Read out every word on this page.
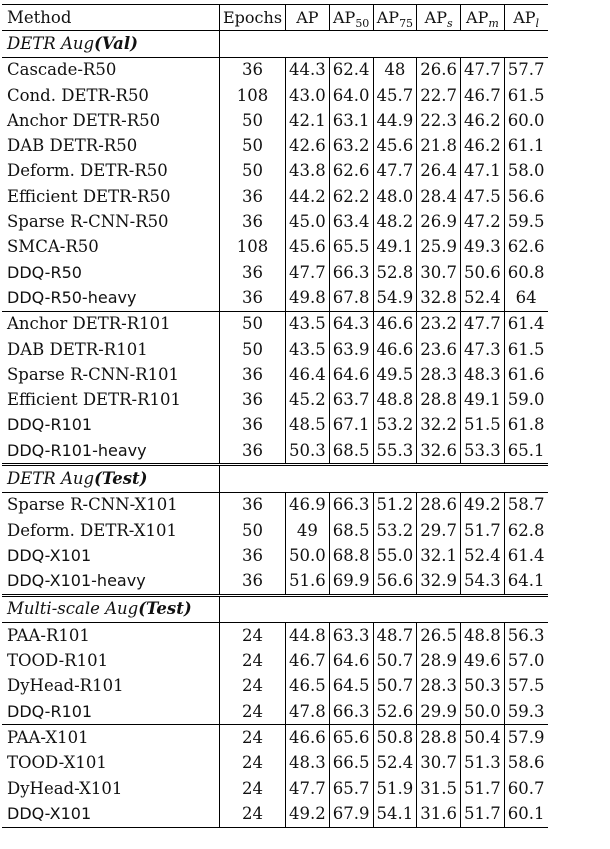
Method	Epochs	AP	$AP_{50}$	$AP_{75}$	$AP_s$	$AP_m$	$AP_l$
DETR Aug(Val)							
Cascade-R50	36	44.3	62.4	48	26.6	47.7	57.7
Cond. DETR-R50	108	43.0	64.0	45.7	22.7	46.7	61.5
Anchor DETR-R50	50	42.1	63.1	44.9	22.3	46.2	60.0
DAB DETR-R50	50	42.6	63.2	45.6	21.8	46.2	61.1
Deform. DETR-R50	50	43.8	62.6	47.7	26.4	47.1	58.0
Efficient DETR-R50	36	44.2	62.2	48.0	28.4	47.5	56.6
Sparse R-CNN-R50	36	45.0	63.4	48.2	26.9	47.2	59.5
SMCA-R50	108	45.6	65.5	49.1	25.9	49.3	62.6
DDQ-R50	36	47.7	66.3	52.8	30.7	50.6	60.8
DDQ-R50-heavy	36	49.8	67.8	54.9	32.8	52.4	64
Anchor DETR-R101	50	43.5	64.3	46.6	23.2	47.7	61.4
DAB DETR-R101	50	43.5	63.9	46.6	23.6	47.3	61.5
Sparse R-CNN-R101	36	46.4	64.6	49.5	28.3	48.3	61.6
Efficient DETR-R101	36	45.2	63.7	48.8	28.8	49.1	59.0
DDQ-R101	36	48.5	67.1	53.2	32.2	51.5	61.8
DDQ-R101-heavy	36	50.3	68.5	55.3	32.6	53.3	65.1
DETR Aug(Test)							
Sparse R-CNN-X101	36	46.9	66.3	51.2	28.6	49.2	58.7
Deform. DETR-X101	50	49	68.5	53.2	29.7	51.7	62.8
DDQ-X101	36	50.0	68.8	55.0	32.1	52.4	61.4
DDQ-X101-heavy	36	51.6	69.9	56.6	32.9	54.3	64.1
Multi-scale Aug(Test)							
PAA-R101	24	44.8	63.3	48.7	26.5	48.8	56.3
TOOD-R101	24	46.7	64.6	50.7	28.9	49.6	57.0
DyHead-R101	24	46.5	64.5	50.7	28.3	50.3	57.5
DDQ-R101	24	47.8	66.3	52.6	29.9	50.0	59.3
PAA-X101	24	46.6	65.6	50.8	28.8	50.4	57.9
TOOD-X101	24	48.3	66.5	52.4	30.7	51.3	58.6
DyHead-X101	24	47.7	65.7	51.9	31.5	51.7	60.7
DDQ-X101	24	49.2	67.9	54.1	31.6	51.7	60.1
